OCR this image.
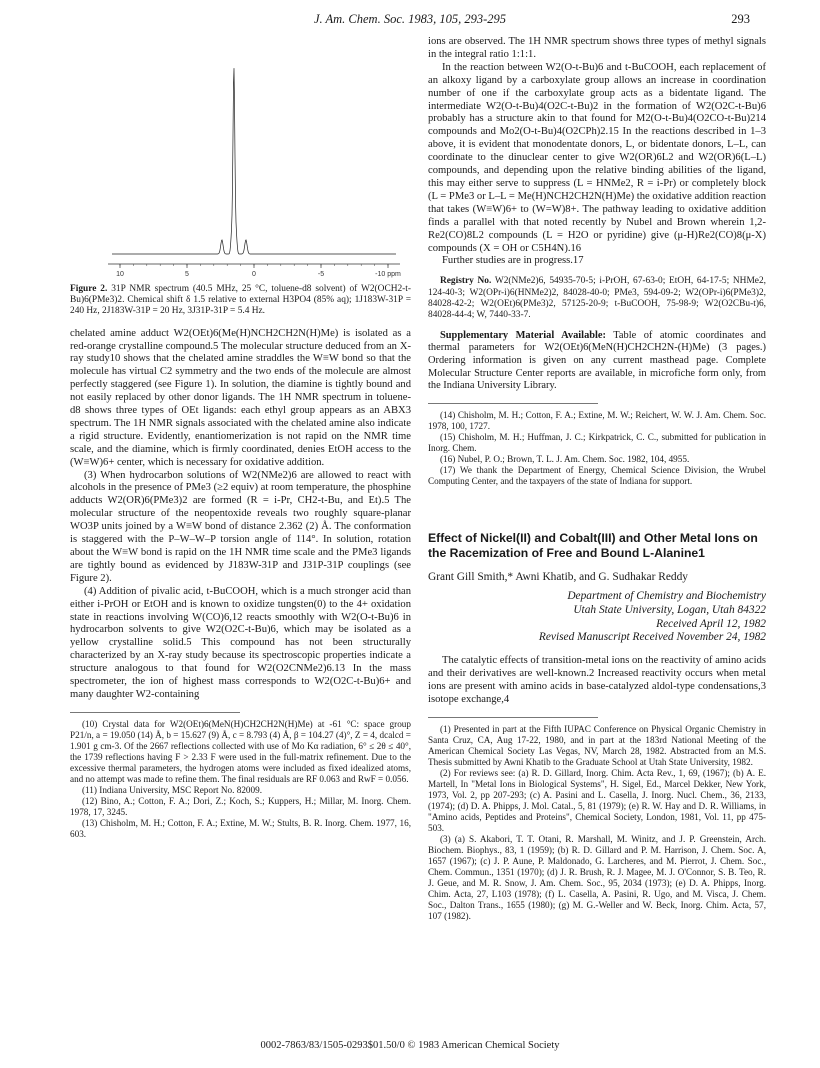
J. Am. Chem. Soc. 1983, 105, 293-295	293
10	5	0	-5	-10 ppm

Figure 2. 31P NMR spectrum (40.5 MHz, 25 °C, toluene-d8 solvent) of W2(OCH2-t-Bu)6(PMe3)2. Chemical shift δ 1.5 relative to external H3PO4 (85% aq); 1J183W-31P = 240 Hz, 2J183W-31P = 20 Hz, 3J31P-31P = 5.4 Hz.

chelated amine adduct W2(OEt)6(Me(H)NCH2CH2N(H)Me) is isolated as a red-orange crystalline compound.5 The molecular structure deduced from an X-ray study10 shows that the chelated amine straddles the W≡W bond so that the molecule has virtual C2 symmetry and the two ends of the molecule are almost perfectly staggered (see Figure 1). In solution, the diamine is tightly bound and not easily replaced by other donor ligands. The 1H NMR spectrum in toluene-d8 shows three types of OEt ligands: each ethyl group appears as an ABX3 spectrum. The 1H NMR signals associated with the chelated amine also indicate a rigid structure. Evidently, enantiomerization is not rapid on the NMR time scale, and the diamine, which is firmly coordinated, denies EtOH access to the (W≡W)6+ center, which is necessary for oxidative addition.

(3) When hydrocarbon solutions of W2(NMe2)6 are allowed to react with alcohols in the presence of PMe3 (≥2 equiv) at room temperature, the phosphine adducts W2(OR)6(PMe3)2 are formed (R = i-Pr, CH2-t-Bu, and Et).5 The molecular structure of the neopentoxide reveals two roughly square-planar WO3P units joined by a W≡W bond of distance 2.362 (2) Å. The conformation is staggered with the P–W–W–P torsion angle of 114°. In solution, rotation about the W≡W bond is rapid on the 1H NMR time scale and the PMe3 ligands are tightly bound as evidenced by J183W-31P and J31P-31P couplings (see Figure 2).

(4) Addition of pivalic acid, t-BuCOOH, which is a much stronger acid than either i-PrOH or EtOH and is known to oxidize tungsten(0) to the 4+ oxidation state in reactions involving W(CO)6,12 reacts smoothly with W2(O-t-Bu)6 in hydrocarbon solvents to give W2(O2C-t-Bu)6, which may be isolated as a yellow crystalline solid.5 This compound has not been structurally characterized by an X-ray study because its spectroscopic properties indicate a structure analogous to that found for W2(O2CNMe2)6.13 In the mass spectrometer, the ion of highest mass corresponds to W2(O2C-t-Bu)6+ and many daughter W2-containing

(10) Crystal data for W2(OEt)6(MeN(H)CH2CH2N(H)Me) at -61 °C: space group P21/n, a = 19.050 (14) Å, b = 15.627 (9) Å, c = 8.793 (4) Å, β = 104.27 (4)°, Z = 4, dcalcd = 1.901 g cm-3. Of the 2667 reflections collected with use of Mo Kα radiation, 6° ≤ 2θ ≤ 40°, the 1739 reflections having F > 2.33 F were used in the full-matrix refinement. Due to the excessive thermal parameters, the hydrogen atoms were included as fixed idealized atoms, and no attempt was made to refine them. The final residuals are RF 0.063 and RwF = 0.056.

(11) Indiana University, MSC Report No. 82009.

(12) Bino, A.; Cotton, F. A.; Dori, Z.; Koch, S.; Kuppers, H.; Millar, M. Inorg. Chem. 1978, 17, 3245.

(13) Chisholm, M. H.; Cotton, F. A.; Extine, M. W.; Stults, B. R. Inorg. Chem. 1977, 16, 603.

ions are observed. The 1H NMR spectrum shows three types of methyl signals in the integral ratio 1:1:1.

In the reaction between W2(O-t-Bu)6 and t-BuCOOH, each replacement of an alkoxy ligand by a carboxylate group allows an increase in coordination number of one if the carboxylate group acts as a bidentate ligand. The intermediate W2(O-t-Bu)4(O2C-t-Bu)2 in the formation of W2(O2C-t-Bu)6 probably has a structure akin to that found for M2(O-t-Bu)4(O2CO-t-Bu)214 compounds and Mo2(O-t-Bu)4(O2CPh)2.15 In the reactions described in 1–3 above, it is evident that monodentate donors, L, or bidentate donors, L–L, can coordinate to the dinuclear center to give W2(OR)6L2 and W2(OR)6(L–L) compounds, and depending upon the relative binding abilities of the ligand, this may either serve to suppress (L = HNMe2, R = i-Pr) or completely block (L = PMe3 or L–L = Me(H)NCH2CH2N(H)Me) the oxidative addition reaction that takes (W≡W)6+ to (W=W)8+. The pathway leading to oxidative addition finds a parallel with that noted recently by Nubel and Brown wherein 1,2-Re2(CO)8L2 compounds (L = H2O or pyridine) give (μ-H)Re2(CO)8(μ-X) compounds (X = OH or C5H4N).16

Further studies are in progress.17

Registry No. W2(NMe2)6, 54935-70-5; i-PrOH, 67-63-0; EtOH, 64-17-5; NHMe2, 124-40-3; W2(OPr-i)6(HNMe2)2, 84028-40-0; PMe3, 594-09-2; W2(OPr-i)6(PMe3)2, 84028-42-2; W2(OEt)6(PMe3)2, 57125-20-9; t-BuCOOH, 75-98-9; W2(O2CBu-t)6, 84028-44-4; W, 7440-33-7.

Supplementary Material Available: Table of atomic coordinates and thermal parameters for W2(OEt)6(MeN(H)CH2CH2N-(H)Me) (3 pages.) Ordering information is given on any current masthead page. Complete Molecular Structure Center reports are available, in microfiche form only, from the Indiana University Library.

(14) Chisholm, M. H.; Cotton, F. A.; Extine, M. W.; Reichert, W. W. J. Am. Chem. Soc. 1978, 100, 1727.

(15) Chisholm, M. H.; Huffman, J. C.; Kirkpatrick, C. C., submitted for publication in Inorg. Chem.

(16) Nubel, P. O.; Brown, T. L. J. Am. Chem. Soc. 1982, 104, 4955.

(17) We thank the Department of Energy, Chemical Science Division, the Wrubel Computing Center, and the taxpayers of the state of Indiana for support.

Effect of Nickel(II) and Cobalt(III) and Other Metal Ions on the Racemization of Free and Bound L-Alanine1

Grant Gill Smith,* Awni Khatib, and G. Sudhakar Reddy

Department of Chemistry and Biochemistry

Utah State University, Logan, Utah 84322

Received April 12, 1982

Revised Manuscript Received November 24, 1982

The catalytic effects of transition-metal ions on the reactivity of amino acids and their derivatives are well-known.2 Increased reactivity occurs when metal ions are present with amino acids in base-catalyzed aldol-type condensations,3 isotope exchange,4

(1) Presented in part at the Fifth IUPAC Conference on Physical Organic Chemistry in Santa Cruz, CA, Aug 17-22, 1980, and in part at the 183rd National Meeting of the American Chemical Society Las Vegas, NV, March 28, 1982. Abstracted from an M.S. Thesis submitted by Awni Khatib to the Graduate School at Utah State University, 1982.

(2) For reviews see: (a) R. D. Gillard, Inorg. Chim. Acta Rev., 1, 69, (1967); (b) A. E. Martell, In "Metal Ions in Biological Systems", H. Sigel, Ed., Marcel Dekker, New York, 1973, Vol. 2, pp 207-293; (c) A. Pasini and L. Casella, J. Inorg. Nucl. Chem., 36, 2133, (1974); (d) D. A. Phipps, J. Mol. Catal., 5, 81 (1979); (e) R. W. Hay and D. R. Williams, in "Amino acids, Peptides and Proteins", Chemical Society, London, 1981, Vol. 11, pp 475-503.

(3) (a) S. Akabori, T. T. Otani, R. Marshall, M. Winitz, and J. P. Greenstein, Arch. Biochem. Biophys., 83, 1 (1959); (b) R. D. Gillard and P. M. Harrison, J. Chem. Soc. A, 1657 (1967); (c) J. P. Aune, P. Maldonado, G. Larcheres, and M. Pierrot, J. Chem. Soc., Chem. Commun., 1351 (1970); (d) J. R. Brush, R. J. Magee, M. J. O'Connor, S. B. Teo, R. J. Geue, and M. R. Snow, J. Am. Chem. Soc., 95, 2034 (1973); (e) D. A. Phipps, Inorg. Chim. Acta, 27, L103 (1978); (f) L. Casella, A. Pasini, R. Ugo, and M. Visca, J. Chem. Soc., Dalton Trans., 1655 (1980); (g) M. G.-Weller and W. Beck, Inorg. Chim. Acta, 57, 107 (1982).

0002-7863/83/1505-0293$01.50/0 © 1983 American Chemical Society
